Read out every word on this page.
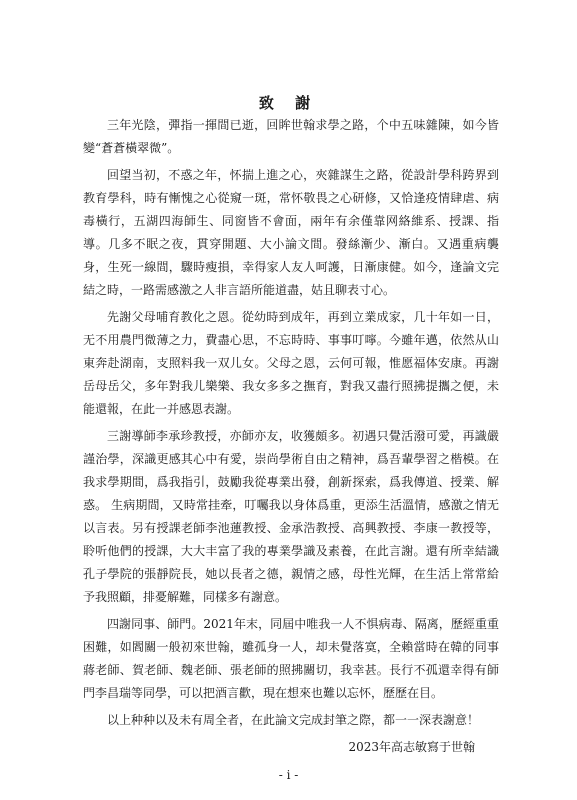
致 謝

三年光陰，彈指一揮間已逝，回眸世翰求學之路，个中五味雜陳，如今皆變“蒼蒼橫翠微”。

回望当初，不惑之年，怀揣上進之心，夾雜謀生之路，從設計學科跨界到教育學科，時有慚愧之心從窺一斑，常怀敬畏之心研修，又恰逢疫情肆虐、病毒橫行，五湖四海師生、同窗皆不會面，兩年有余僅靠网絡維系、授課、指導。几多不眠之夜，貫穿開題、大小論文間。發絲漸少、漸白。又遇重病襲身，生死一線間，驟時瘦損，幸得家人友人呵護，日漸康健。如今，逢論文完結之時，一路需感激之人非言語所能道盡，姑且聊表寸心。

先謝父母哺育教化之恩。從幼時到成年，再到立業成家，几十年如一日，无不用農門微薄之力，費盡心思，不忘時時、事事叮嚀。今雖年邁，依然从山東奔赴湖南，支照料我一双儿女。父母之恩，云何可報，惟愿福体安康。再謝岳母岳父，多年對我儿樂樂、我女多多之撫育，對我又盡行照拂提攜之便，未能還報，在此一并感恩表謝。

三謝導師李承珍教授，亦師亦友，收獲頗多。初遇只覺活潑可愛，再識嚴謹治學，深識更感其心中有愛，崇尚學術自由之精神，爲吾輩學習之楷模。在我求學期間，爲我指引，鼓勵我從專業出發，創新探索，爲我傳道、授業、解惑。 生病期間，又時常挂牽，叮囑我以身体爲重，更添生活溫情，感激之情无以言表。另有授課老師李池蓮教授、金承浩教授、高興教授、李康一教授等，聆听他們的授課，大大丰富了我的專業學識及素養，在此言謝。還有所幸結識孔子學院的張靜院長，她以長者之德，親情之感，母性光輝，在生活上常常給予我照顧，排憂解難，同樣多有謝意。

四謝同事、師門。2021年末，同屆中唯我一人不惧病毒、隔离，歷經重重困難，如閻關一般初來世翰，雖孤身一人，却未覺落寞，全賴當時在韓的同事蔣老師、賀老師、魏老師、張老師的照拂關切，我幸甚。長行不孤還幸得有師門李昌瑞等同學，可以把酒言歡，現在想來也難以忘怀，歷歷在目。

以上种种以及未有周全者，在此論文完成封筆之際，都一一深表謝意！

2023年高志敏寫于世翰
- i -
